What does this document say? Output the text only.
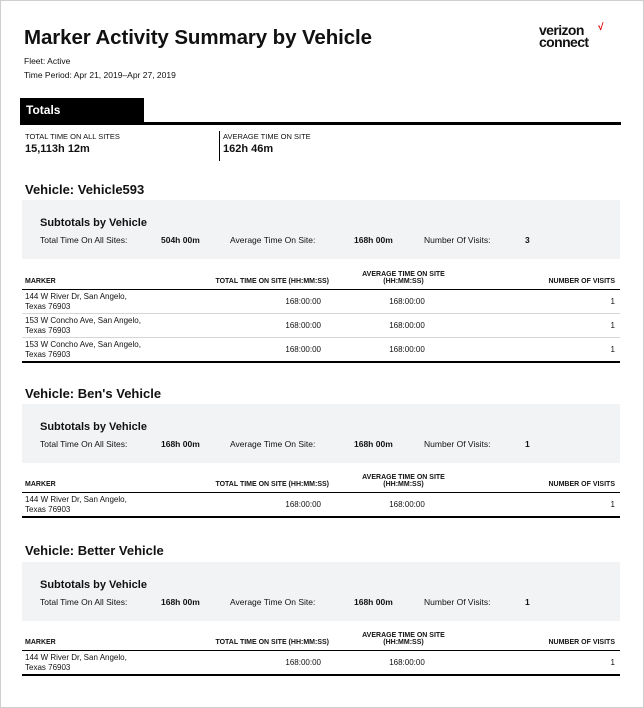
Marker Activity Summary by Vehicle
Fleet: Active
Time Period: Apr 21, 2019–Apr 27, 2019
verizon	√
connect
Totals
TOTAL TIME ON ALL SITES
15,113h 12m
AVERAGE TIME ON SITE
162h 46m
Vehicle: Vehicle593
Subtotals by Vehicle
Total Time On All Sites:	504h 00m	Average Time On Site:	168h 00m	Number Of Visits:	3
MARKER	TOTAL TIME ON SITE (HH:MM:SS)	AVERAGE TIME ON SITE
(HH:MM:SS)	NUMBER OF VISITS
144 W River Dr, San Angelo,
Texas 76903	168:00:00	168:00:00	1
153 W Concho Ave, San Angelo,
Texas 76903	168:00:00	168:00:00	1
153 W Concho Ave, San Angelo,
Texas 76903	168:00:00	168:00:00	1
Vehicle: Ben's Vehicle
Subtotals by Vehicle
Total Time On All Sites:	168h 00m	Average Time On Site:	168h 00m	Number Of Visits:	1
MARKER	TOTAL TIME ON SITE (HH:MM:SS)	AVERAGE TIME ON SITE
(HH:MM:SS)	NUMBER OF VISITS
144 W River Dr, San Angelo,
Texas 76903	168:00:00	168:00:00	1
Vehicle: Better Vehicle
Subtotals by Vehicle
Total Time On All Sites:	168h 00m	Average Time On Site:	168h 00m	Number Of Visits:	1
MARKER	TOTAL TIME ON SITE (HH:MM:SS)	AVERAGE TIME ON SITE
(HH:MM:SS)	NUMBER OF VISITS
144 W River Dr, San Angelo,
Texas 76903	168:00:00	168:00:00	1
